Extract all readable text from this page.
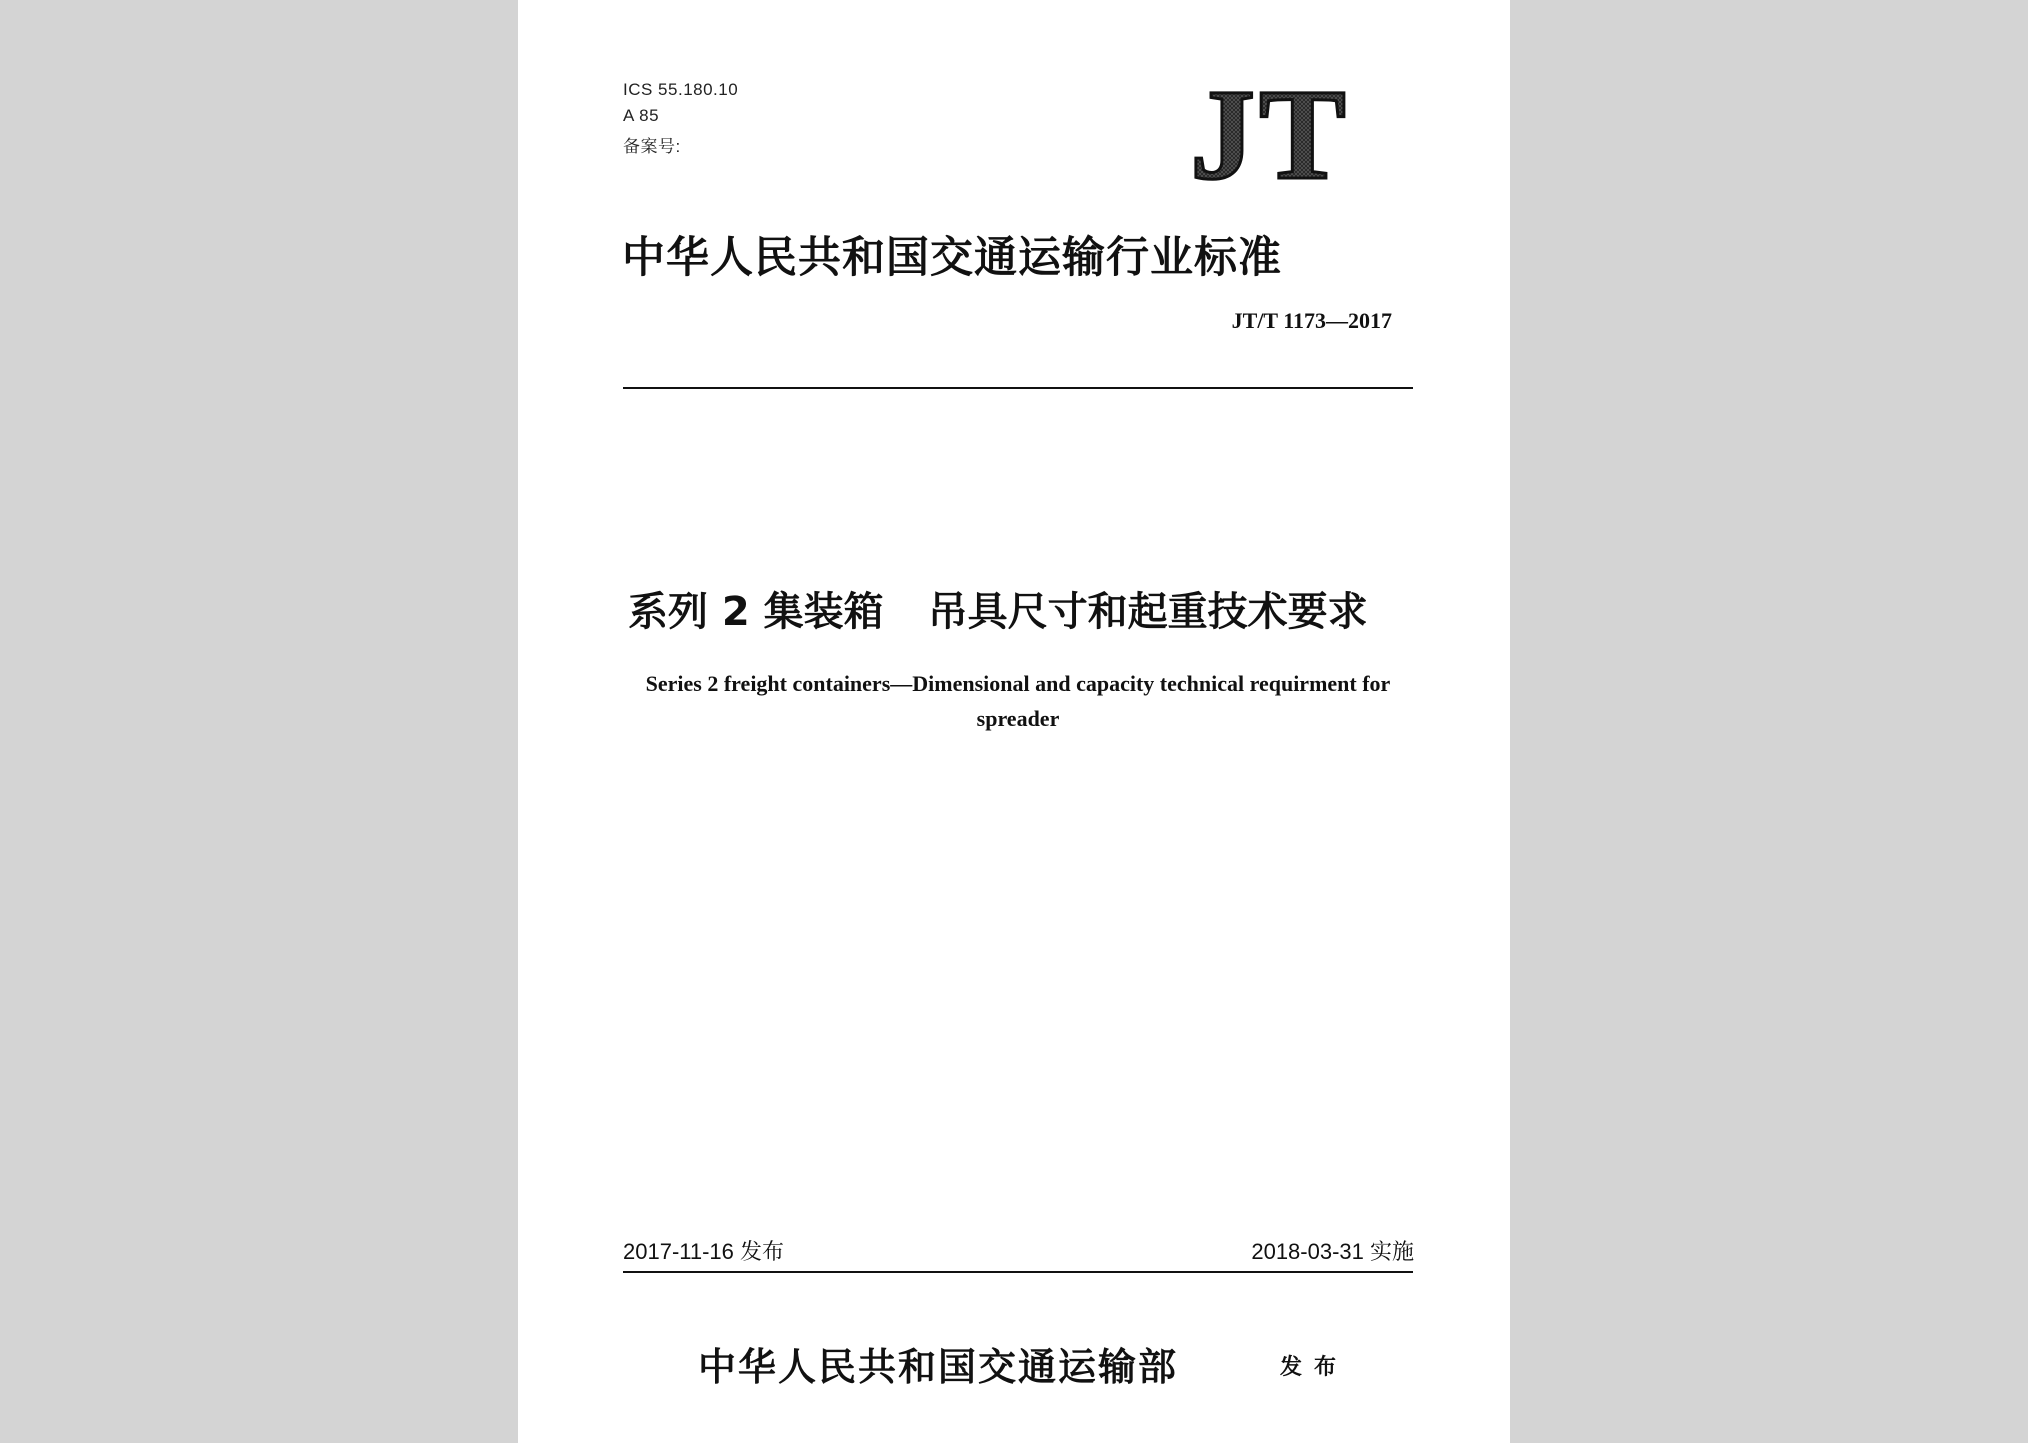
ICS 55.180.10
A 85
备案号:	JT
中华人民共和国交通运输行业标准
JT/T 1173—2017
系列 2 集装箱 吊具尺寸和起重技术要求
Series 2 freight containers—Dimensional and capacity technical requirment for
spreader
2017-11-16 发布	2018-03-31 实施
中华人民共和国交通运输部	发布
